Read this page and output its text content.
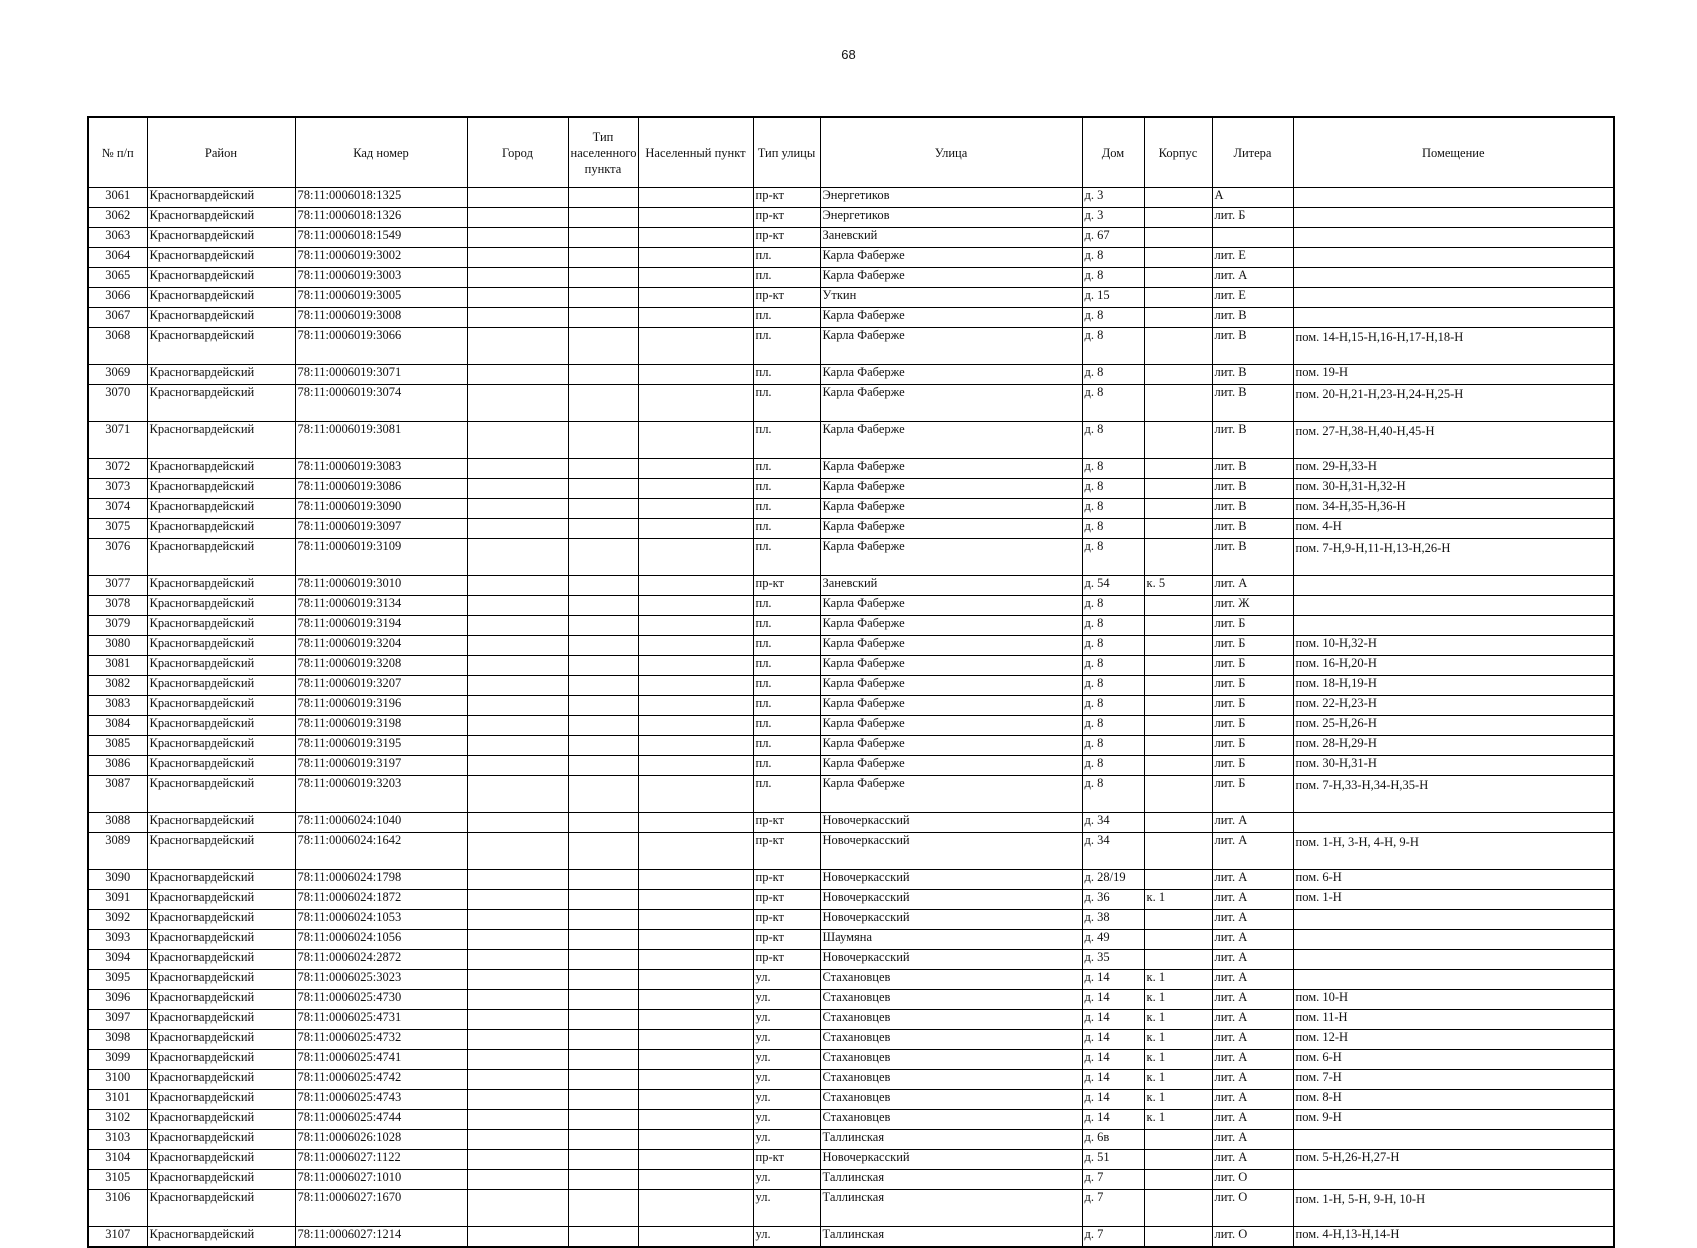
68
№ п/п	Район	Кад номер	Город	Тип населенного пункта	Населенный пункт	Тип улицы	Улица	Дом	Корпус	Литера	Помещение
3061	Красногвардейский	78:11:0006018:1325				пр-кт	Энергетиков	д. 3		А	
3062	Красногвардейский	78:11:0006018:1326				пр-кт	Энергетиков	д. 3		лит. Б	
3063	Красногвардейский	78:11:0006018:1549				пр-кт	Заневский	д. 67			
3064	Красногвардейский	78:11:0006019:3002				пл.	Карла Фаберже	д. 8		лит. Е	
3065	Красногвардейский	78:11:0006019:3003				пл.	Карла Фаберже	д. 8		лит. А	
3066	Красногвардейский	78:11:0006019:3005				пр-кт	Уткин	д. 15		лит. Е	
3067	Красногвардейский	78:11:0006019:3008				пл.	Карла Фаберже	д. 8		лит. В	
3068	Красногвардейский	78:11:0006019:3066				пл.	Карла Фаберже	д. 8		лит. В	пом. 14-Н,15-Н,16-Н,17-Н,18-Н
3069	Красногвардейский	78:11:0006019:3071				пл.	Карла Фаберже	д. 8		лит. В	пом. 19-Н
3070	Красногвардейский	78:11:0006019:3074				пл.	Карла Фаберже	д. 8		лит. В	пом. 20-Н,21-Н,23-Н,24-Н,25-Н
3071	Красногвардейский	78:11:0006019:3081				пл.	Карла Фаберже	д. 8		лит. В	пом. 27-Н,38-Н,40-Н,45-Н
3072	Красногвардейский	78:11:0006019:3083				пл.	Карла Фаберже	д. 8		лит. В	пом. 29-Н,33-Н
3073	Красногвардейский	78:11:0006019:3086				пл.	Карла Фаберже	д. 8		лит. В	пом. 30-Н,31-Н,32-Н
3074	Красногвардейский	78:11:0006019:3090				пл.	Карла Фаберже	д. 8		лит. В	пом. 34-Н,35-Н,36-Н
3075	Красногвардейский	78:11:0006019:3097				пл.	Карла Фаберже	д. 8		лит. В	пом. 4-Н
3076	Красногвардейский	78:11:0006019:3109				пл.	Карла Фаберже	д. 8		лит. В	пом. 7-Н,9-Н,11-Н,13-Н,26-Н
3077	Красногвардейский	78:11:0006019:3010				пр-кт	Заневский	д. 54	к. 5	лит. А	
3078	Красногвардейский	78:11:0006019:3134				пл.	Карла Фаберже	д. 8		лит. Ж	
3079	Красногвардейский	78:11:0006019:3194				пл.	Карла Фаберже	д. 8		лит. Б	
3080	Красногвардейский	78:11:0006019:3204				пл.	Карла Фаберже	д. 8		лит. Б	пом. 10-Н,32-Н
3081	Красногвардейский	78:11:0006019:3208				пл.	Карла Фаберже	д. 8		лит. Б	пом. 16-Н,20-Н
3082	Красногвардейский	78:11:0006019:3207				пл.	Карла Фаберже	д. 8		лит. Б	пом. 18-Н,19-Н
3083	Красногвардейский	78:11:0006019:3196				пл.	Карла Фаберже	д. 8		лит. Б	пом. 22-Н,23-Н
3084	Красногвардейский	78:11:0006019:3198				пл.	Карла Фаберже	д. 8		лит. Б	пом. 25-Н,26-Н
3085	Красногвардейский	78:11:0006019:3195				пл.	Карла Фаберже	д. 8		лит. Б	пом. 28-Н,29-Н
3086	Красногвардейский	78:11:0006019:3197				пл.	Карла Фаберже	д. 8		лит. Б	пом. 30-Н,31-Н
3087	Красногвардейский	78:11:0006019:3203				пл.	Карла Фаберже	д. 8		лит. Б	пом. 7-Н,33-Н,34-Н,35-Н
3088	Красногвардейский	78:11:0006024:1040				пр-кт	Новочеркасский	д. 34		лит. А	
3089	Красногвардейский	78:11:0006024:1642				пр-кт	Новочеркасский	д. 34		лит. А	пом. 1-Н, 3-Н, 4-Н, 9-Н
3090	Красногвардейский	78:11:0006024:1798				пр-кт	Новочеркасский	д. 28/19		лит. А	пом. 6-Н
3091	Красногвардейский	78:11:0006024:1872				пр-кт	Новочеркасский	д. 36	к. 1	лит. А	пом. 1-Н
3092	Красногвардейский	78:11:0006024:1053				пр-кт	Новочеркасский	д. 38		лит. А	
3093	Красногвардейский	78:11:0006024:1056				пр-кт	Шаумяна	д. 49		лит. А	
3094	Красногвардейский	78:11:0006024:2872				пр-кт	Новочеркасский	д. 35		лит. А	
3095	Красногвардейский	78:11:0006025:3023				ул.	Стахановцев	д. 14	к. 1	лит. А	
3096	Красногвардейский	78:11:0006025:4730				ул.	Стахановцев	д. 14	к. 1	лит. А	пом. 10-Н
3097	Красногвардейский	78:11:0006025:4731				ул.	Стахановцев	д. 14	к. 1	лит. А	пом. 11-Н
3098	Красногвардейский	78:11:0006025:4732				ул.	Стахановцев	д. 14	к. 1	лит. А	пом. 12-Н
3099	Красногвардейский	78:11:0006025:4741				ул.	Стахановцев	д. 14	к. 1	лит. А	пом. 6-Н
3100	Красногвардейский	78:11:0006025:4742				ул.	Стахановцев	д. 14	к. 1	лит. А	пом. 7-Н
3101	Красногвардейский	78:11:0006025:4743				ул.	Стахановцев	д. 14	к. 1	лит. А	пом. 8-Н
3102	Красногвардейский	78:11:0006025:4744				ул.	Стахановцев	д. 14	к. 1	лит. А	пом. 9-Н
3103	Красногвардейский	78:11:0006026:1028				ул.	Таллинская	д. 6в		лит. А	
3104	Красногвардейский	78:11:0006027:1122				пр-кт	Новочеркасский	д. 51		лит. А	пом. 5-Н,26-Н,27-Н
3105	Красногвардейский	78:11:0006027:1010				ул.	Таллинская	д. 7		лит. О	
3106	Красногвардейский	78:11:0006027:1670				ул.	Таллинская	д. 7		лит. О	пом. 1-Н, 5-Н, 9-Н, 10-Н
3107	Красногвардейский	78:11:0006027:1214				ул.	Таллинская	д. 7		лит. О	пом. 4-Н,13-Н,14-Н
